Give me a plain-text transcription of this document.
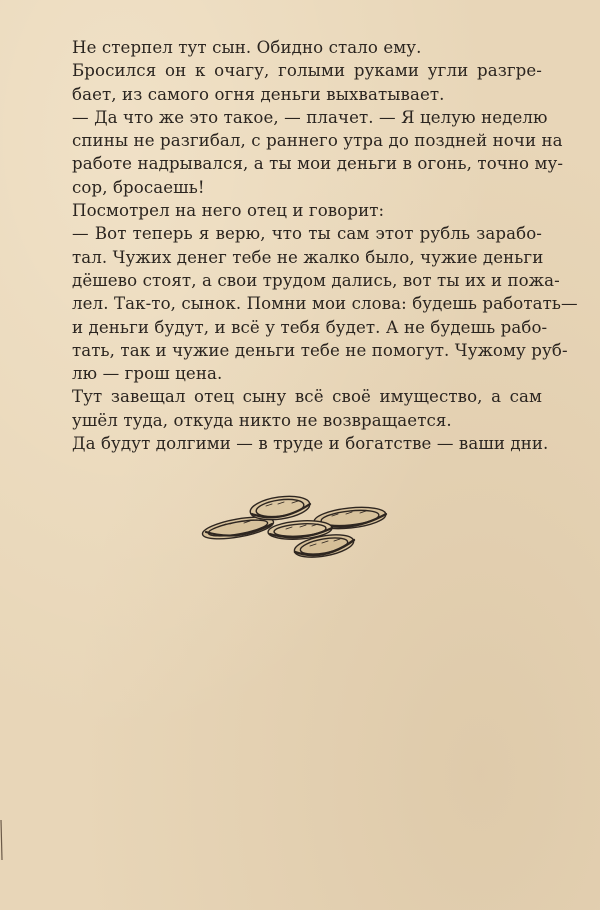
Не стерпел тут сын. Обидно стало ему.

Бросился он к очагу, голыми руками угли разгре-
бает, из самого огня деньги выхватывает.

— Да что же это такое, — плачет. — Я целую неделю
спины не разгибал, с раннего утра до поздней ночи на
работе надрывался, а ты мои деньги в огонь, точно му-
сор, бросаешь!

Посмотрел на него отец и говорит:

— Вот теперь я верю, что ты сам этот рубль зарабо-
тал. Чужих денег тебе не жалко было, чужие деньги
дёшево стоят, а свои трудом дались, вот ты их и пожа-
лел. Так-то, сынок. Помни мои слова: будешь работать—
и деньги будут, и всё у тебя будет. А не будешь рабо-
тать, так и чужие деньги тебе не помогут. Чужому руб-
лю — грош цена.

Тут завещал отец сыну всё своё имущество, а сам
ушёл туда, откуда никто не возвращается.

Да будут долгими — в труде и богатстве — ваши дни.
